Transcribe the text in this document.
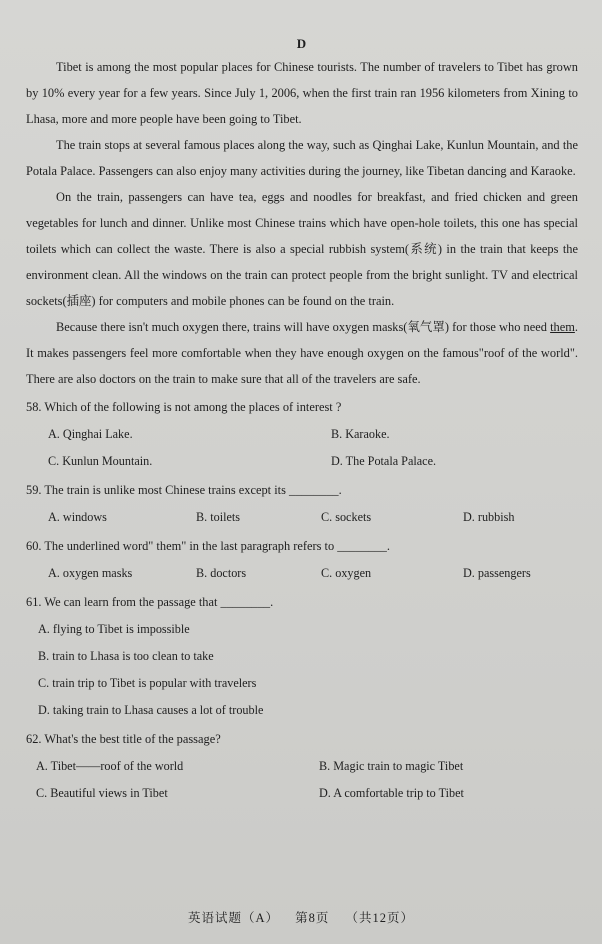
D

Tibet is among the most popular places for Chinese tourists. The number of travelers to Tibet has grown by 10% every year for a few years. Since July 1, 2006, when the first train ran 1956 kilometers from Xining to Lhasa, more and more people have been going to Tibet.

The train stops at several famous places along the way, such as Qinghai Lake, Kunlun Mountain, and the Potala Palace. Passengers can also enjoy many activities during the journey, like Tibetan dancing and Karaoke.

On the train, passengers can have tea, eggs and noodles for breakfast, and fried chicken and green vegetables for lunch and dinner. Unlike most Chinese trains which have open-hole toilets, this one has special toilets which can collect the waste. There is also a special rubbish system(系统) in the train that keeps the environment clean. All the windows on the train can protect people from the bright sunlight. TV and electrical sockets(插座) for computers and mobile phones can be found on the train.

Because there isn't much oxygen there, trains will have oxygen masks(氧气罩) for those who need them. It makes passengers feel more comfortable when they have enough oxygen on the famous"roof of the world". There are also doctors on the train to make sure that all of the travelers are safe.

58. Which of the following is not among the places of interest ?
A. Qinghai Lake.	B. Karaoke.
C. Kunlun Mountain.	D. The Potala Palace.
59. The train is unlike most Chinese trains except its ________.
A. windows	B. toilets	C. sockets	D. rubbish
60. The underlined word" them" in the last paragraph refers to ________.
A. oxygen masks	B. doctors	C. oxygen	D. passengers
61. We can learn from the passage that ________.
A. flying to Tibet is impossible
B. train to Lhasa is too clean to take
C. train trip to Tibet is popular with travelers
D. taking train to Lhasa causes a lot of trouble
62. What's the best title of the passage?
A. Tibet——roof of the world	B. Magic train to magic Tibet
C. Beautiful views in Tibet	D. A comfortable trip to Tibet
英语试题（A） 第8页 （共12页）
